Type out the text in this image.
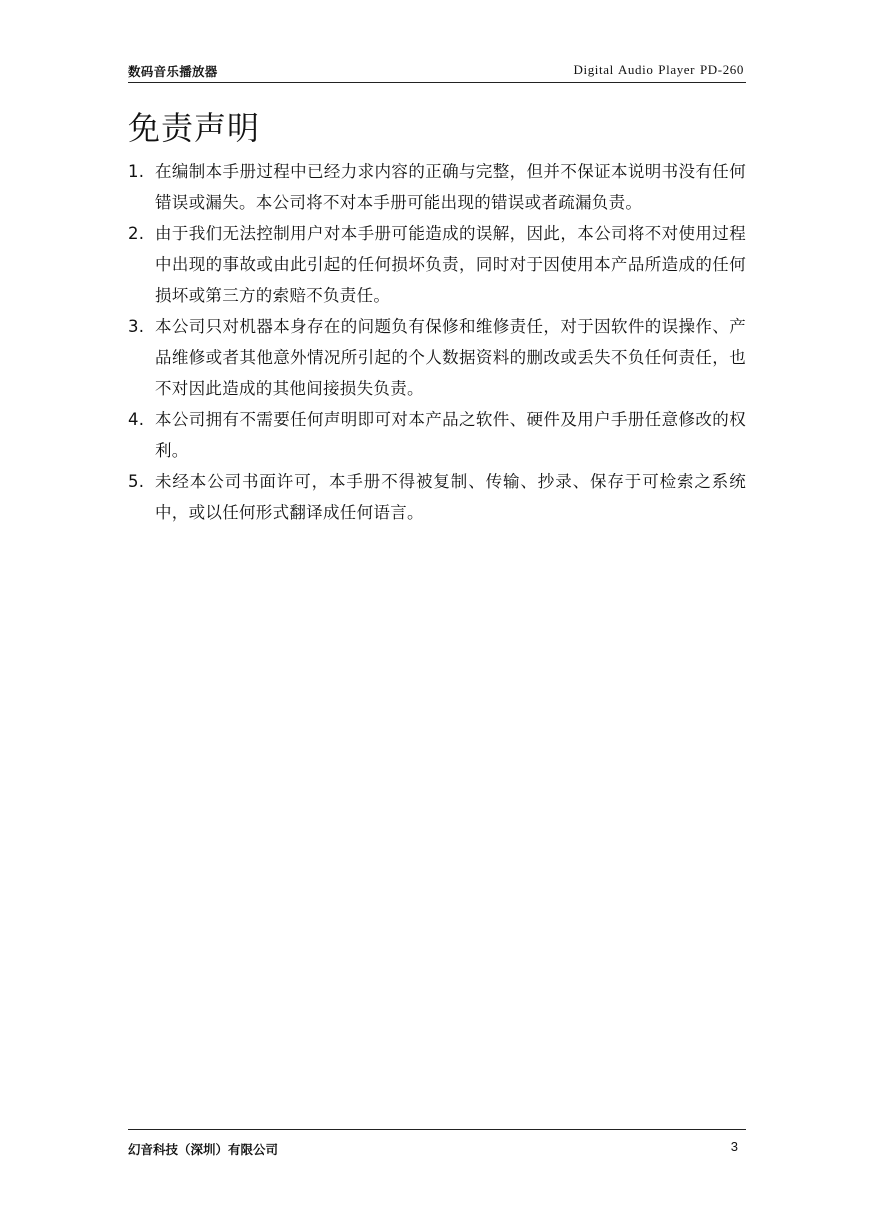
数码音乐播放器	Digital Audio Player PD-260
免责声明
1. 在编制本手册过程中已经力求内容的正确与完整，但并不保证本说明书没有任何错误或漏失。本公司将不对本手册可能出现的错误或者疏漏负责。
2. 由于我们无法控制用户对本手册可能造成的误解，因此，本公司将不对使用过程中出现的事故或由此引起的任何损坏负责，同时对于因使用本产品所造成的任何损坏或第三方的索赔不负责任。
3. 本公司只对机器本身存在的问题负有保修和维修责任，对于因软件的误操作、产品维修或者其他意外情况所引起的个人数据资料的删改或丢失不负任何责任，也不对因此造成的其他间接损失负责。
4. 本公司拥有不需要任何声明即可对本产品之软件、硬件及用户手册任意修改的权利。
5. 未经本公司书面许可，本手册不得被复制、传输、抄录、保存于可检索之系统中，或以任何形式翻译成任何语言。
幻音科技（深圳）有限公司	3
